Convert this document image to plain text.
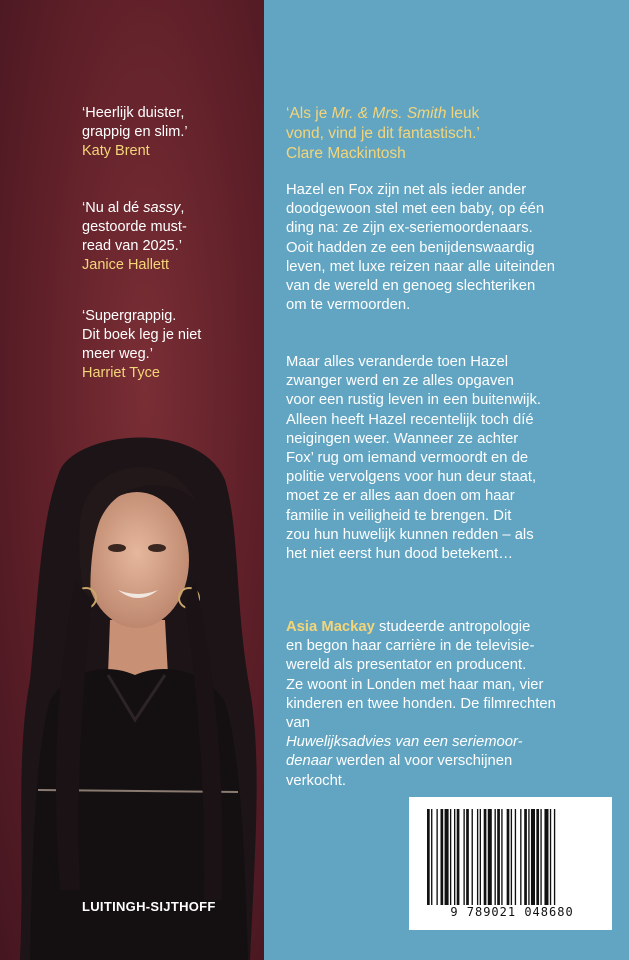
‘Heerlijk duister,
grappig en slim.’
Katy Brent
‘Nu al dé sassy,
gestoorde must-
read van 2025.’
Janice Hallett
‘Supergrappig.
Dit boek leg je niet
meer weg.’
Harriet Tyce
LUITINGH-SIJTHOFF
‘Als je Mr. & Mrs. Smith leuk
vond, vind je dit fantastisch.’
Clare Mackintosh
Hazel en Fox zijn net als ieder ander
doodgewoon stel met een baby, op één
ding na: ze zijn ex-seriemoordenaars.
Ooit hadden ze een benijdenswaardig
leven, met luxe reizen naar alle uiteinden
van de wereld en genoeg slechteriken
om te vermoorden.
Maar alles veranderde toen Hazel
zwanger werd en ze alles opgaven
voor een rustig leven in een buitenwijk.
Alleen heeft Hazel recentelijk toch díé
neigingen weer. Wanneer ze achter
Fox’ rug om iemand vermoordt en de
politie vervolgens voor hun deur staat,
moet ze er alles aan doen om haar
familie in veiligheid te brengen. Dit
zou hun huwelijk kunnen redden – als
het niet eerst hun dood betekent…
Asia Mackay studeerde antropologie
en begon haar carrière in de televisie-
wereld als presentator en producent.
Ze woont in Londen met haar man, vier
kinderen en twee honden. De filmrechten
van
Huwelijksadvies van een seriemoor-
denaar werden al voor verschijnen
verkocht.
9 789021 048680
